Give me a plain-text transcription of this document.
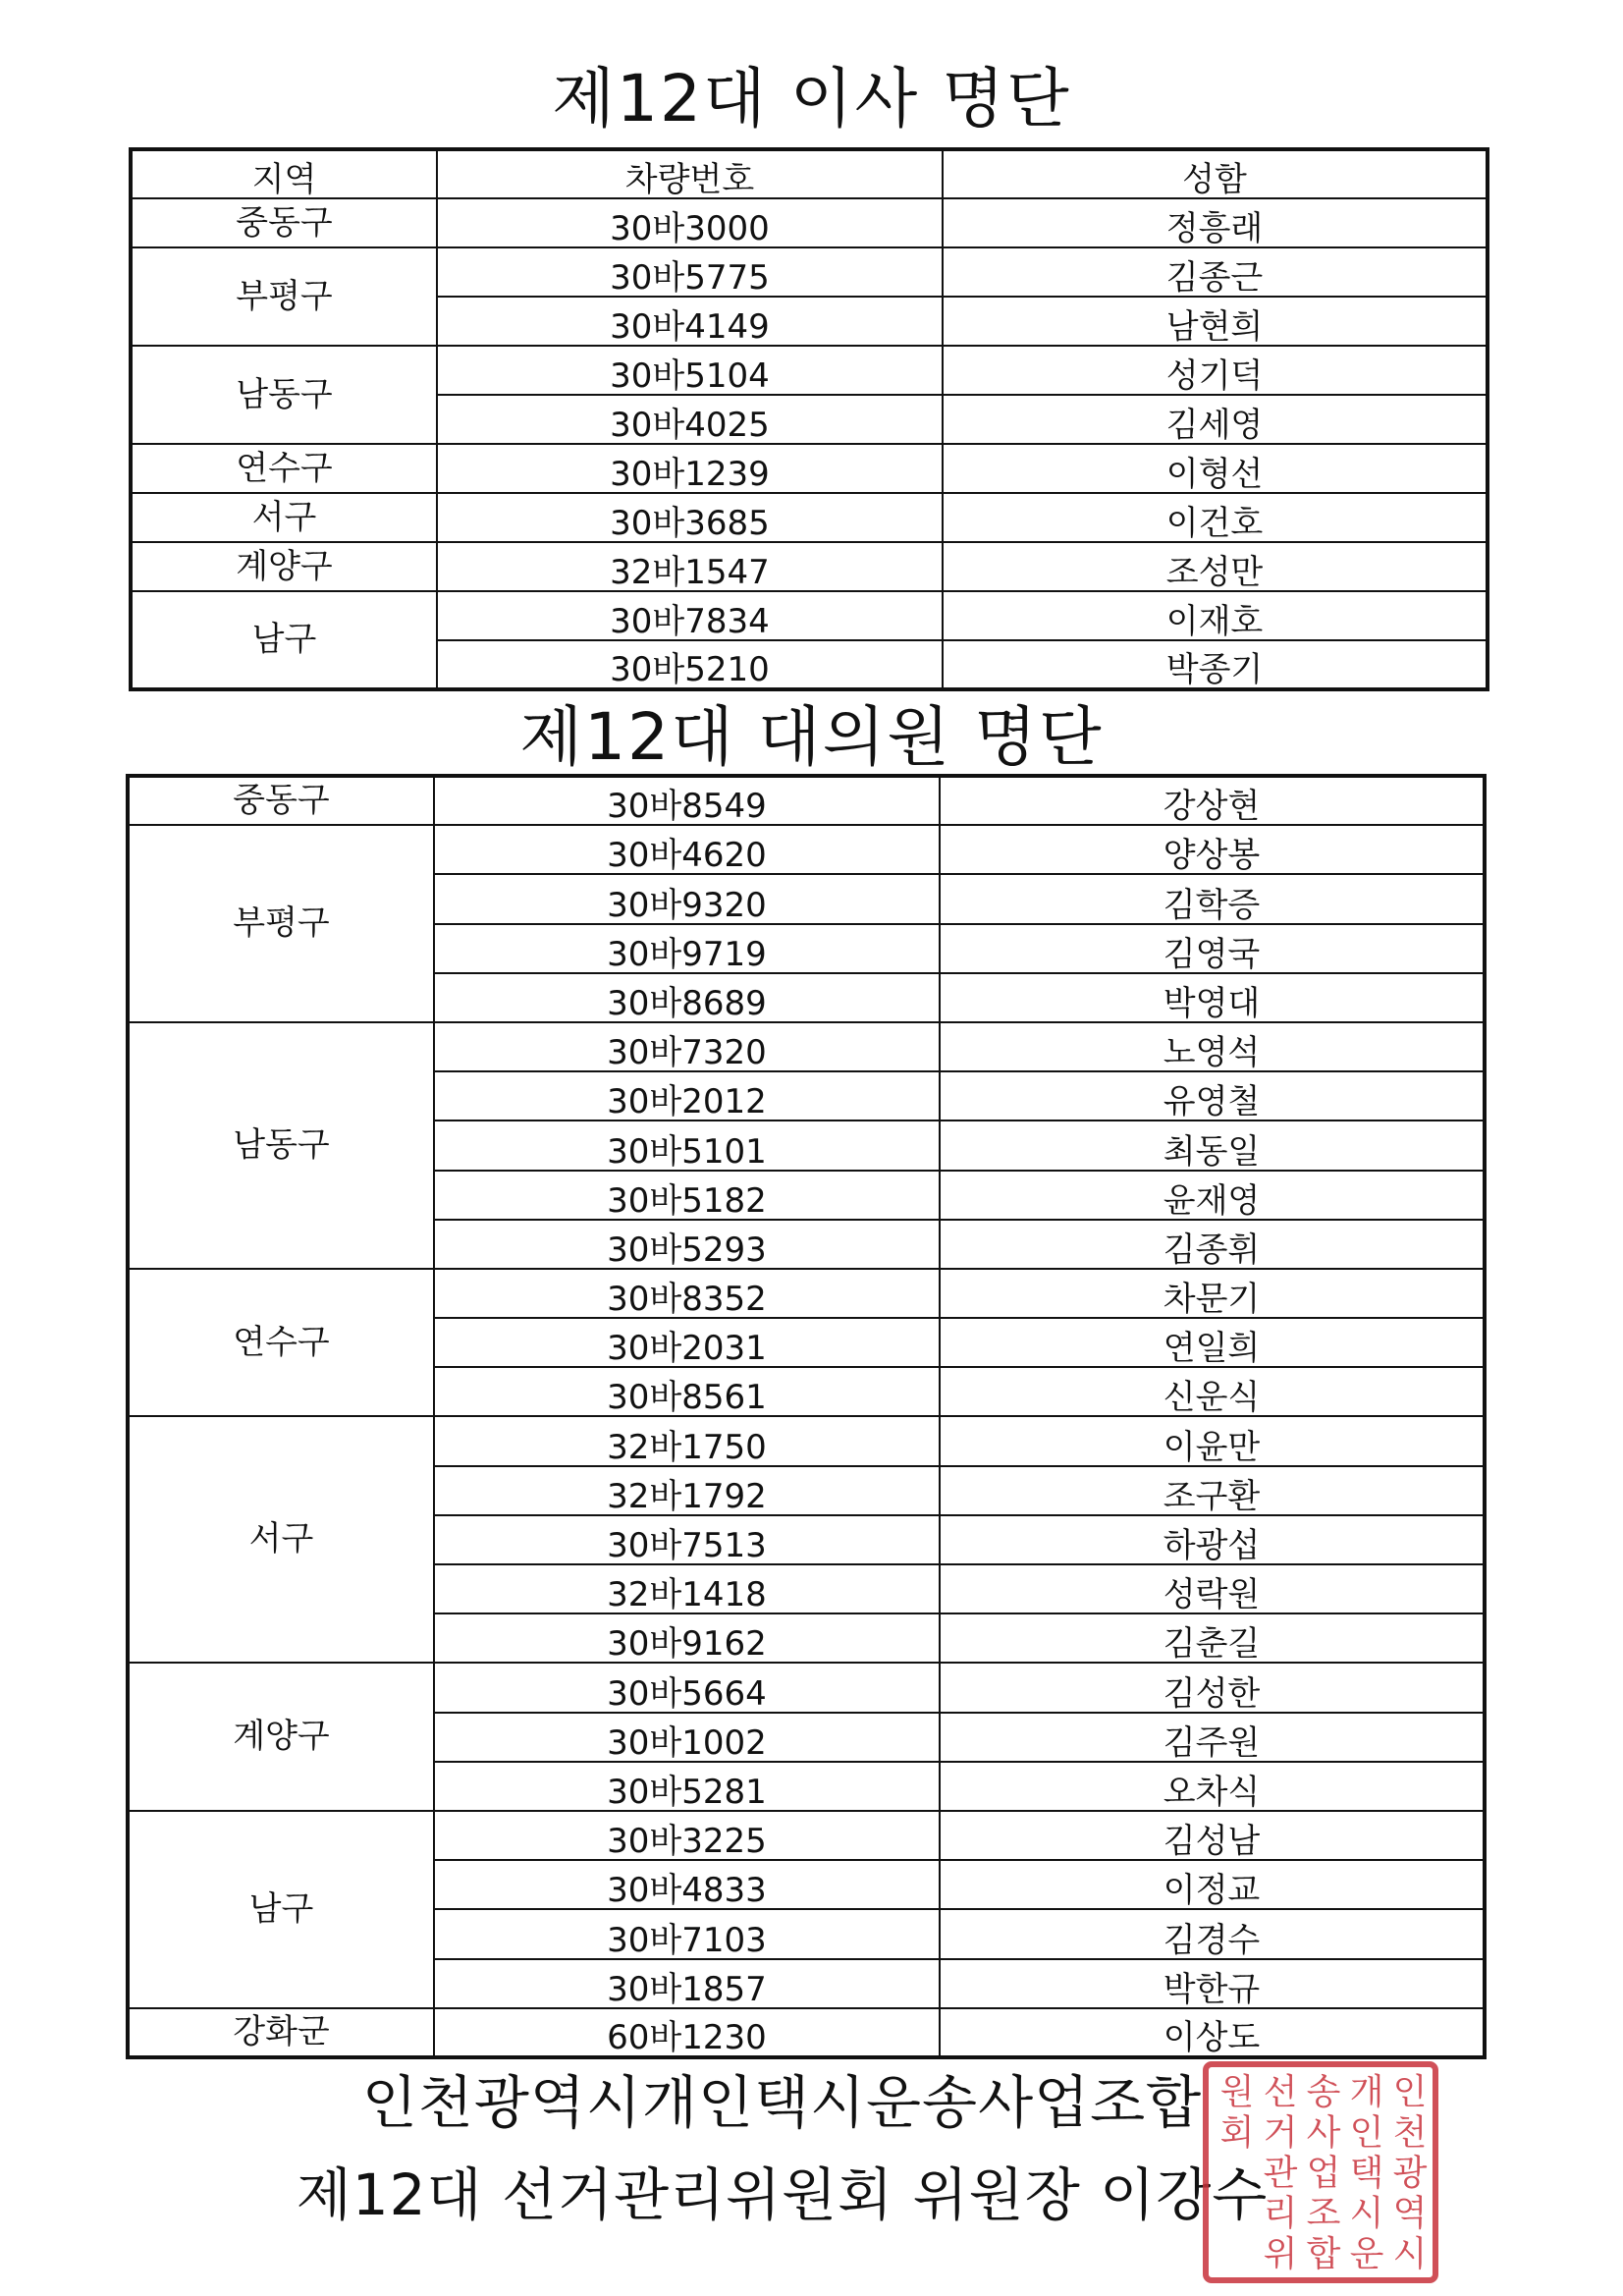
제12대 이사 명단
지역	차량번호	성함
중동구	30바3000	정흥래
부평구	30바5775	김종근
	30바4149	남현희
남동구	30바5104	성기덕
	30바4025	김세영
연수구	30바1239	이형선
서구	30바3685	이건호
계양구	32바1547	조성만
남구	30바7834	이재호
	30바5210	박종기
제12대 대의원 명단
중동구	30바8549	강상현
부평구	30바4620	양상봉
	30바9320	김학증
	30바9719	김영국
	30바8689	박영대
남동구	30바7320	노영석
	30바2012	유영철
	30바5101	최동일
	30바5182	윤재영
	30바5293	김종휘
연수구	30바8352	차문기
	30바2031	연일희
	30바8561	신운식
서구	32바1750	이윤만
	32바1792	조구환
	30바7513	하광섭
	32바1418	성락원
	30바9162	김춘길
계양구	30바5664	김성한
	30바1002	김주원
	30바5281	오차식
남구	30바3225	김성남
	30바4833	이정교
	30바7103	김경수
	30바1857	박한규
강화군	60바1230	이상도
인천광역시개인택시운송사업조합
제12대 선거관리위원회 위원장 이강수
인
천
광
역
시
개
인
택
시
운
송
사
업
조
합
선
거
관
리
위
원
회
